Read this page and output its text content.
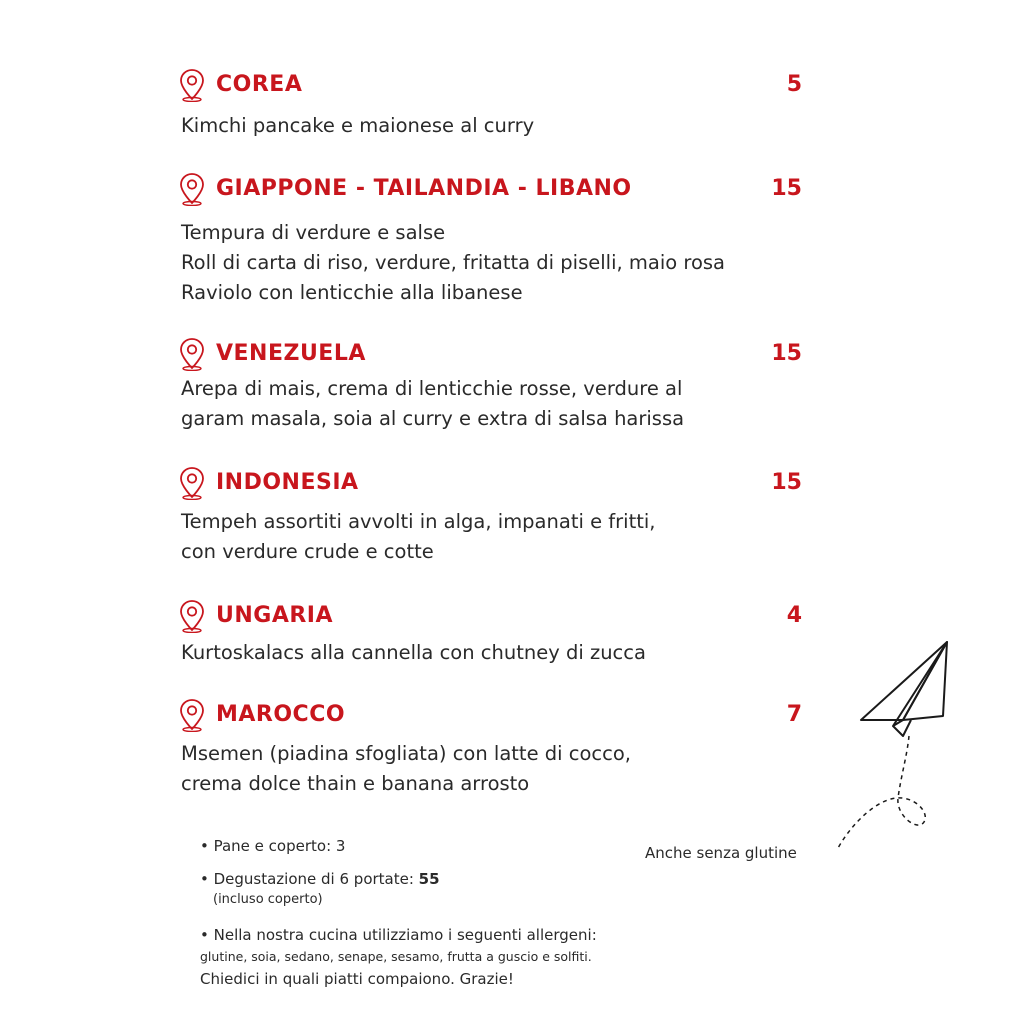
COREA	5
Kimchi pancake e maionese al curry
GIAPPONE - TAILANDIA - LIBANO	15
Tempura di verdure e salse
Roll di carta di riso, verdure, fritatta di piselli, maio rosa
Raviolo con lenticchie alla libanese
VENEZUELA	15
Arepa di mais, crema di lenticchie rosse, verdure al
garam masala, soia al curry e extra di salsa harissa
INDONESIA	15
Tempeh assortiti avvolti in alga, impanati e fritti,
con verdure crude e cotte
UNGARIA	4
Kurtoskalacs alla cannella con chutney di zucca
MAROCCO	7
Msemen (piadina sfogliata) con latte di cocco,
crema dolce thain e banana arrosto
• Pane e coperto: 3
• Degustazione di 6 portate: 55
(incluso coperto)
• Nella nostra cucina utilizziamo i seguenti allergeni:
glutine, soia, sedano, senape, sesamo, frutta a guscio e solfiti.
Chiedici in quali piatti compaiono. Grazie!
Anche senza glutine
